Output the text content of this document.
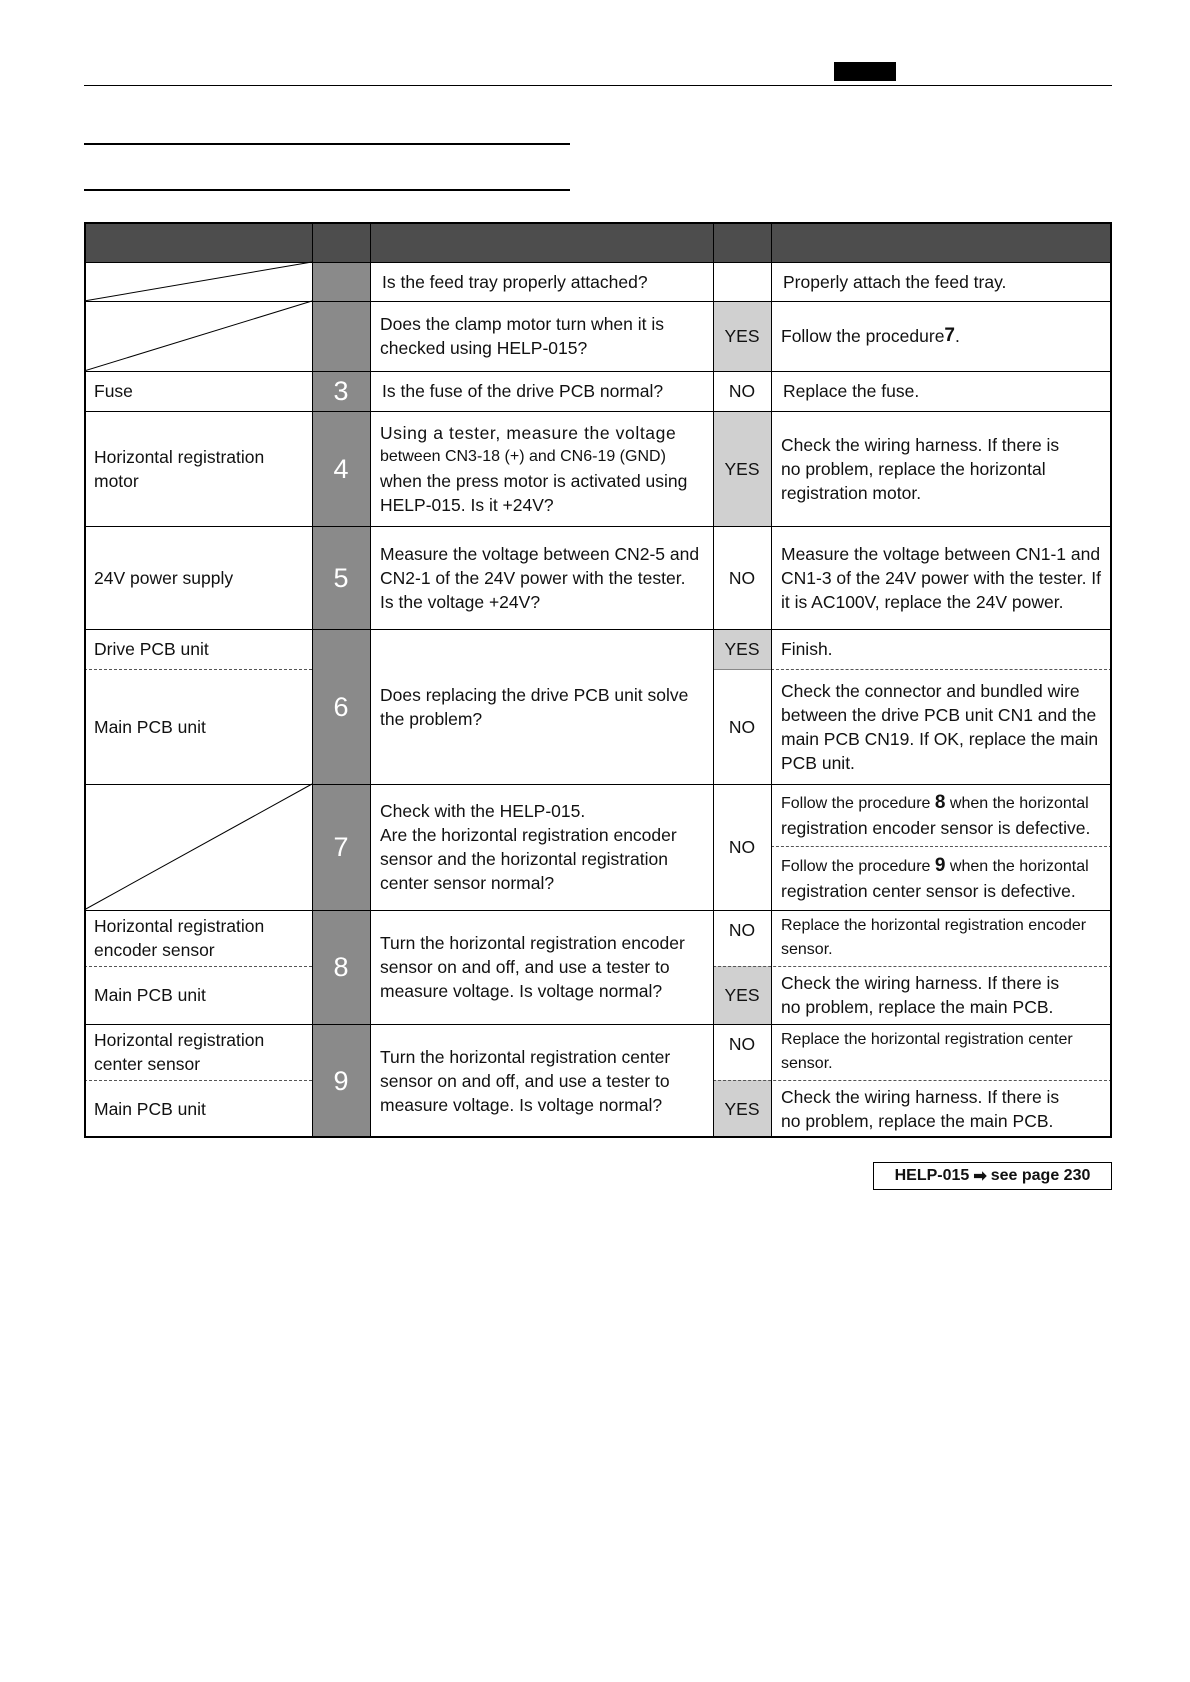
3
4
5
6
7
8
9
YES
NO
YES
NO
YES
NO
NO
NO
YES
NO
YES
Fuse
Horizontal registration motor
24V power supply
Drive PCB unit
Main PCB unit
Horizontal registration encoder sensor
Main PCB unit
Horizontal registration center sensor
Main PCB unit
Is the feed tray properly attached?
Does the clamp motor turn when it is checked using HELP-015?
Is the fuse of the drive PCB normal?
Using a tester, measure the voltage
between CN3-18 (+) and CN6-19 (GND)
when the press motor is activated using
HELP-015. Is it +24V?
Measure the voltage between CN2-5 and CN2-1 of the 24V power with the tester. Is the voltage +24V?
Does replacing the drive PCB unit solve the problem?
Check with the HELP-015.
Are the horizontal registration encoder
sensor and the horizontal registration
center sensor normal?
Turn the horizontal registration encoder sensor on and off, and use a tester to measure voltage. Is voltage normal?
Turn the horizontal registration center sensor on and off, and use a tester to measure voltage. Is voltage normal?
Properly attach the feed tray.
Follow the procedure 7 .
Replace the fuse.
Check the wiring harness. If there is no problem, replace the horizontal registration motor.
Measure the voltage between CN1-1 and CN1-3 of the 24V power with the tester. If it is AC100V, replace the 24V power.
Finish.
Check the connector and bundled wire between the drive PCB unit CN1 and the main PCB CN19. If OK, replace the main PCB unit.
Follow the procedure 8 when the horizontal
registration encoder sensor is defective.
Follow the procedure 9 when the horizontal
registration center sensor is defective.
Replace the horizontal registration encoder sensor.
Check the wiring harness. If there is no problem, replace the main PCB.
Replace the horizontal registration center sensor.
Check the wiring harness. If there is no problem, replace the main PCB.
HELP-015 ➡ see page 230
